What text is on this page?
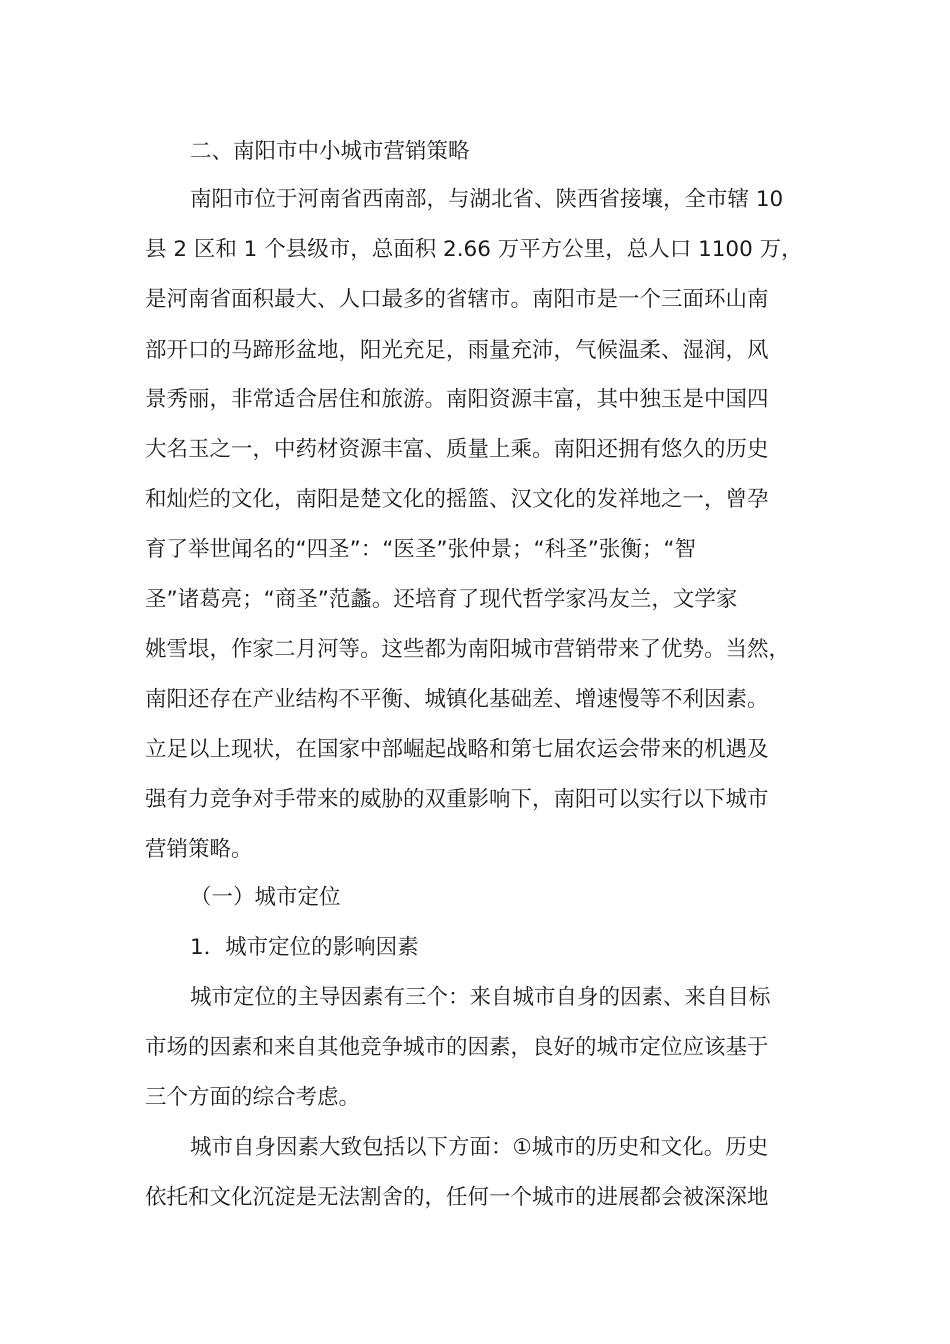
二、南阳市中小城市营销策略
南阳市位于河南省西南部，与湖北省、陕西省接壤，全市辖 10
县 2 区和 1 个县级市，总面积 2.66 万平方公里，总人口 1100 万，
是河南省面积最大、人口最多的省辖市。南阳市是一个三面环山南
部开口的马蹄形盆地，阳光充足，雨量充沛，气候温柔、湿润，风
景秀丽，非常适合居住和旅游。南阳资源丰富，其中独玉是中国四
大名玉之一，中药材资源丰富、质量上乘。南阳还拥有悠久的历史
和灿烂的文化，南阳是楚文化的摇篮、汉文化的发祥地之一，曾孕
育了举世闻名的“四圣”：“医圣”张仲景；“科圣”张衡；“智
圣”诸葛亮；“商圣”范蠡。还培育了现代哲学家冯友兰，文学家
姚雪垠，作家二月河等。这些都为南阳城市营销带来了优势。当然，
南阳还存在产业结构不平衡、城镇化基础差、增速慢等不利因素。
立足以上现状，在国家中部崛起战略和第七届农运会带来的机遇及
强有力竞争对手带来的威胁的双重影响下，南阳可以实行以下城市
营销策略。
（一）城市定位
1．城市定位的影响因素
城市定位的主导因素有三个：来自城市自身的因素、来自目标
市场的因素和来自其他竞争城市的因素，良好的城市定位应该基于
三个方面的综合考虑。
城市自身因素大致包括以下方面：①城市的历史和文化。历史
依托和文化沉淀是无法割舍的，任何一个城市的进展都会被深深地
